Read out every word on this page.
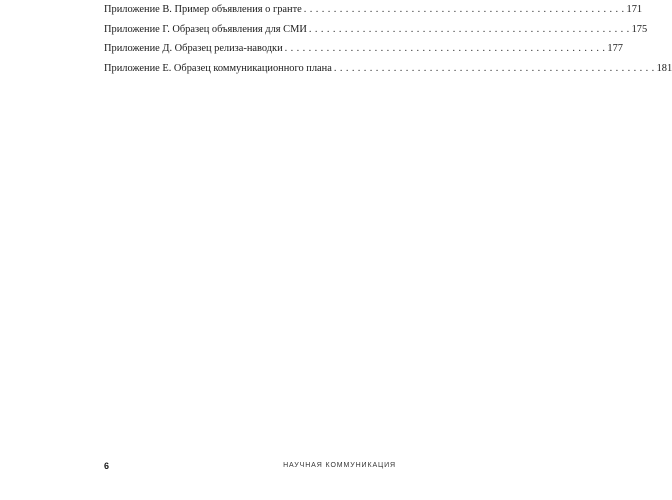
Приложение В. Пример объявления о гранте . . . . . . . . . . . . . . . . . . . . . . . . . . . . . . . . . . . . . . . . . . . . . . . . . . . . . . 171
Приложение Г. Образец объявления для СМИ . . . . . . . . . . . . . . . . . . . . . . . . . . . . . . . . . . . . . . . . . . . . . . . . . . . . . . 175
Приложение Д. Образец релиза-наводки . . . . . . . . . . . . . . . . . . . . . . . . . . . . . . . . . . . . . . . . . . . . . . . . . . . . . . 177
Приложение Е. Образец коммуникационного плана . . . . . . . . . . . . . . . . . . . . . . . . . . . . . . . . . . . . . . . . . . . . . . . . . . . . . . 181
6	НАУЧНАЯ КОММУНИКАЦИЯ
